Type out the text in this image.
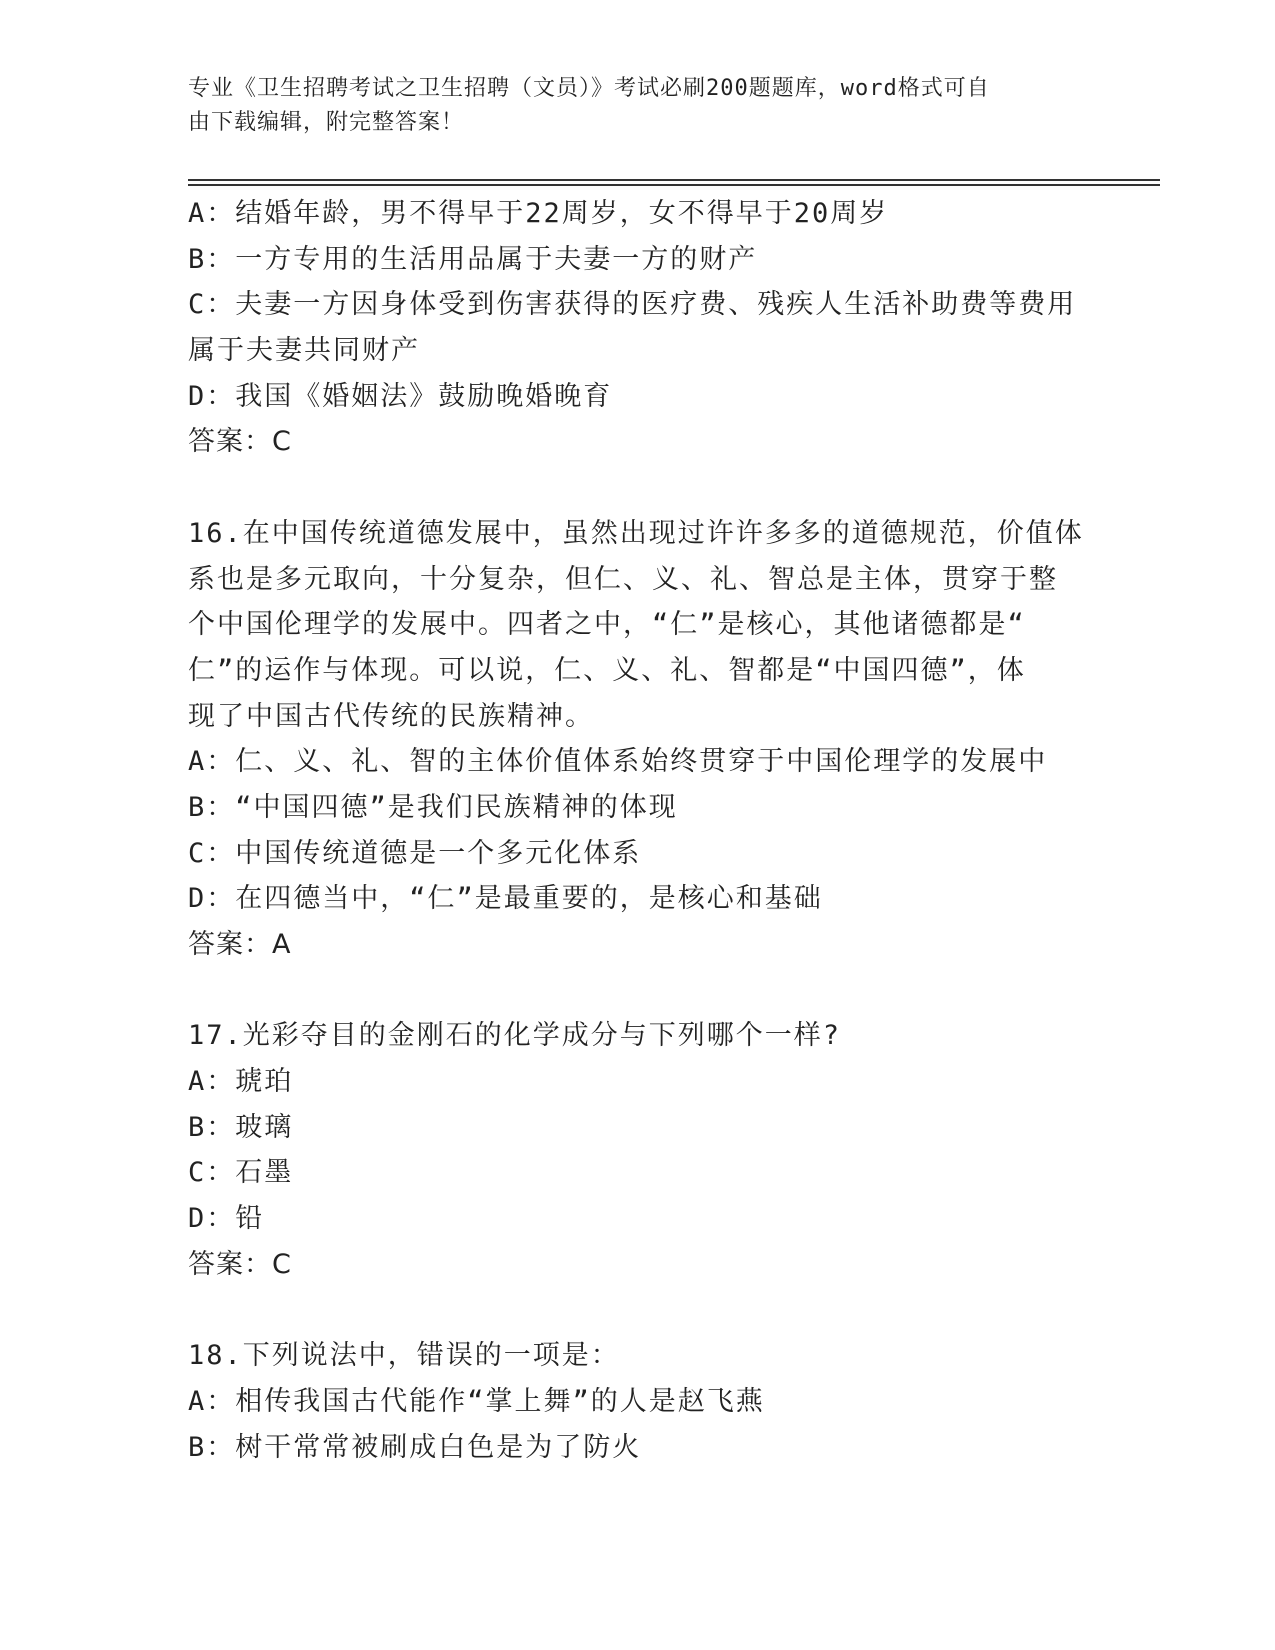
专业《卫生招聘考试之卫生招聘（文员）》考试必刷200题题库，word格式可自
由下载编辑，附完整答案！
A：结婚年龄，男不得早于22周岁，女不得早于20周岁
B：一方专用的生活用品属于夫妻一方的财产
C：夫妻一方因身体受到伤害获得的医疗费、残疾人生活补助费等费用
属于夫妻共同财产
D：我国《婚姻法》鼓励晚婚晚育
答案：C
16.在中国传统道德发展中，虽然出现过许许多多的道德规范，价值体
系也是多元取向，十分复杂，但仁、义、礼、智总是主体，贯穿于整
个中国伦理学的发展中。四者之中，“仁”是核心，其他诸德都是“
仁”的运作与体现。可以说，仁、义、礼、智都是“中国四德”，体
现了中国古代传统的民族精神。
A：仁、义、礼、智的主体价值体系始终贯穿于中国伦理学的发展中
B：“中国四德”是我们民族精神的体现
C：中国传统道德是一个多元化体系
D：在四德当中，“仁”是最重要的，是核心和基础
答案：A
17.光彩夺目的金刚石的化学成分与下列哪个一样?
A：琥珀
B：玻璃
C：石墨
D：铅
答案：C
18.下列说法中，错误的一项是：
A：相传我国古代能作“掌上舞”的人是赵飞燕
B：树干常常被刷成白色是为了防火
